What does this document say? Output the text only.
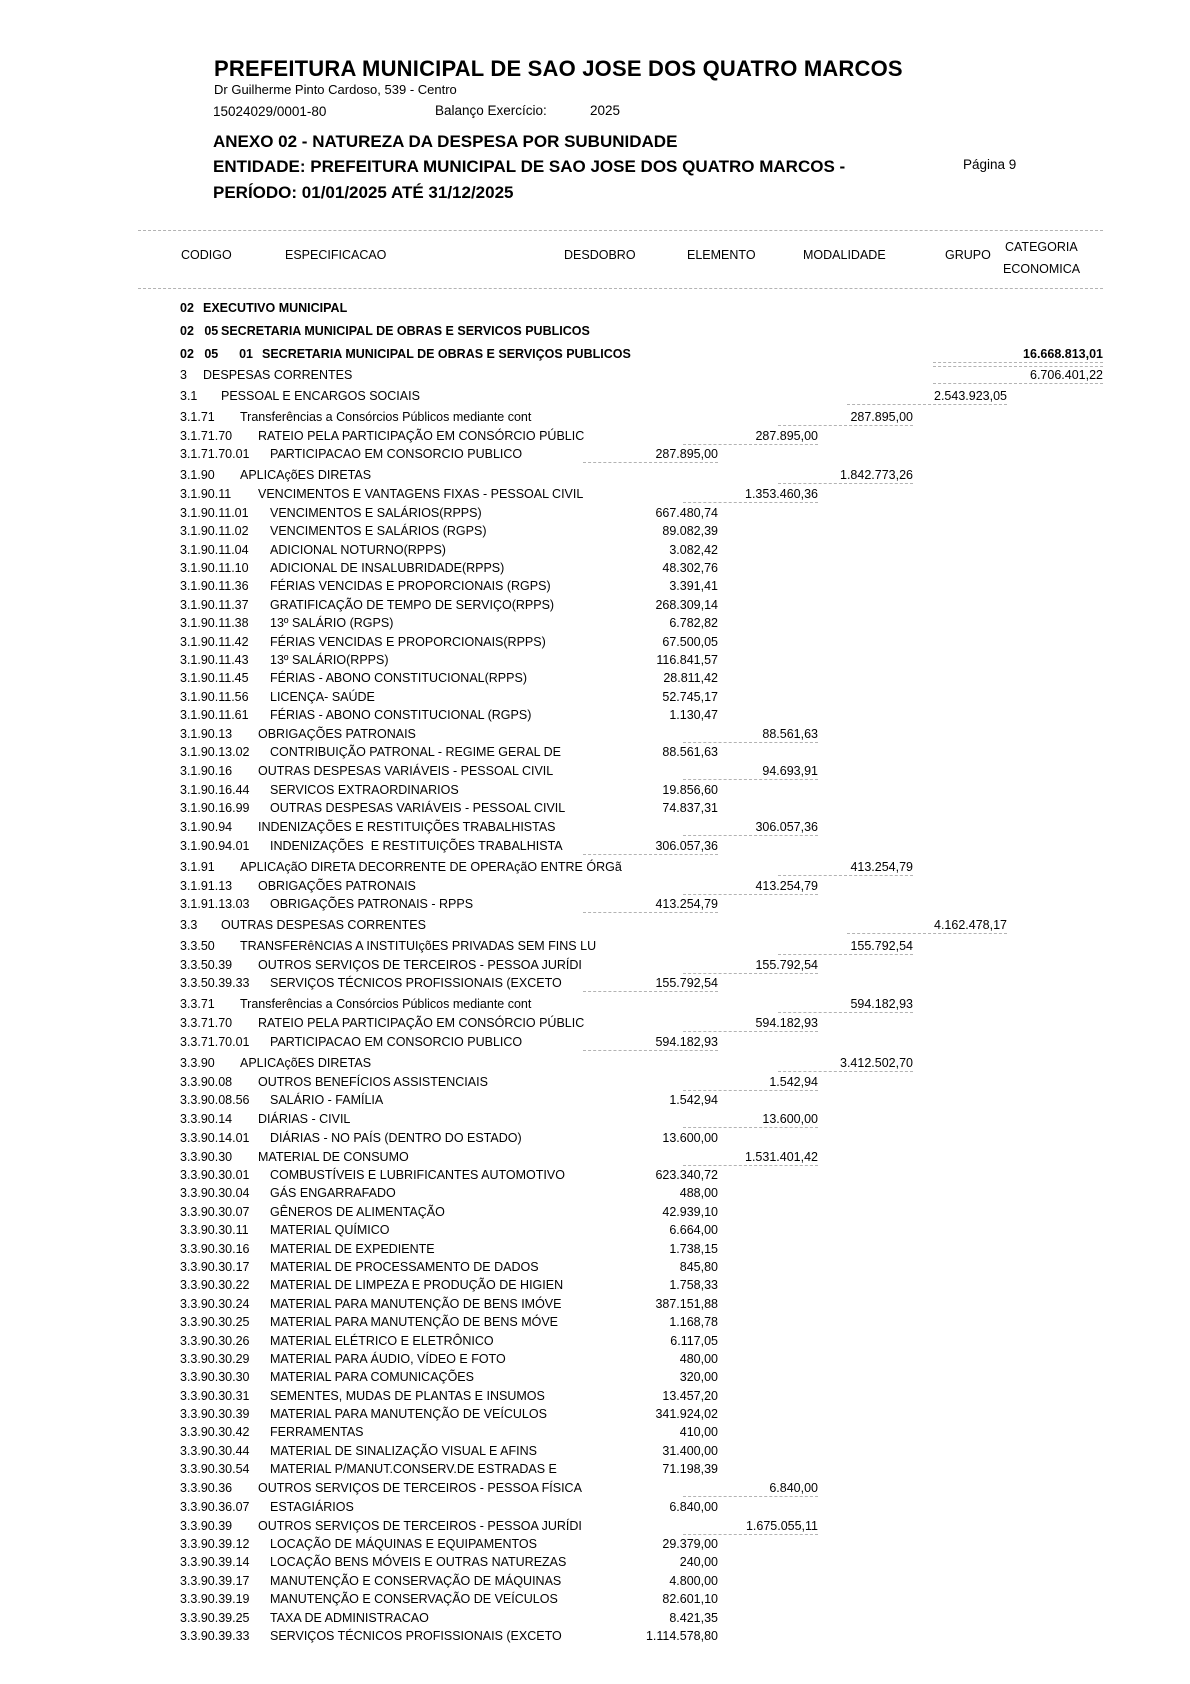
PREFEITURA MUNICIPAL DE SAO JOSE DOS QUATRO MARCOS
Dr Guilherme Pinto Cardoso, 539 - Centro
15024029/0001-80	Balanço Exercício:	2025
ANEXO 02 - NATUREZA DA DESPESA POR SUBUNIDADE
ENTIDADE: PREFEITURA MUNICIPAL DE SAO JOSE DOS QUATRO MARCOS -
PERÍODO: 01/01/2025 ATÉ 31/12/2025
Página 9
CODIGO	ESPECIFICACAO	DESDOBRO	ELEMENTO	MODALIDADE	GRUPO
CATEGORIA
ECONOMICA
02 EXECUTIVO MUNICIPAL
02   05 SECRETARIA MUNICIPAL DE OBRAS E SERVICOS PUBLICOS
02   05      01 SECRETARIA MUNICIPAL DE OBRAS E SERVIÇOS PUBLICOS	16.668.813,01
3 DESPESAS CORRENTES	6.706.401,22
3.1 PESSOAL E ENCARGOS SOCIAIS	2.543.923,05
3.1.71 Transferências a Consórcios Públicos mediante cont	287.895,00
3.1.71.70 RATEIO PELA PARTICIPAÇÃO EM CONSÓRCIO PÚBLIC	287.895,00
3.1.71.70.01 PARTICIPACAO EM CONSORCIO PUBLICO	287.895,00
3.1.90 APLICAçõES DIRETAS	1.842.773,26
3.1.90.11 VENCIMENTOS E VANTAGENS FIXAS - PESSOAL CIVIL	1.353.460,36
3.1.90.11.01 VENCIMENTOS E SALÁRIOS(RPPS)	667.480,74
3.1.90.11.02 VENCIMENTOS E SALÁRIOS (RGPS)	89.082,39
3.1.90.11.04 ADICIONAL NOTURNO(RPPS)	3.082,42
3.1.90.11.10 ADICIONAL DE INSALUBRIDADE(RPPS)	48.302,76
3.1.90.11.36 FÉRIAS VENCIDAS E PROPORCIONAIS (RGPS)	3.391,41
3.1.90.11.37 GRATIFICAÇÃO DE TEMPO DE SERVIÇO(RPPS)	268.309,14
3.1.90.11.38 13º SALÁRIO (RGPS)	6.782,82
3.1.90.11.42 FÉRIAS VENCIDAS E PROPORCIONAIS(RPPS)	67.500,05
3.1.90.11.43 13º SALÁRIO(RPPS)	116.841,57
3.1.90.11.45 FÉRIAS - ABONO CONSTITUCIONAL(RPPS)	28.811,42
3.1.90.11.56 LICENÇA- SAÚDE	52.745,17
3.1.90.11.61 FÉRIAS - ABONO CONSTITUCIONAL (RGPS)	1.130,47
3.1.90.13 OBRIGAÇÕES PATRONAIS	88.561,63
3.1.90.13.02 CONTRIBUIÇÃO PATRONAL - REGIME GERAL DE	88.561,63
3.1.90.16 OUTRAS DESPESAS VARIÁVEIS - PESSOAL CIVIL	94.693,91
3.1.90.16.44 SERVICOS EXTRAORDINARIOS	19.856,60
3.1.90.16.99 OUTRAS DESPESAS VARIÁVEIS - PESSOAL CIVIL	74.837,31
3.1.90.94 INDENIZAÇÕES E RESTITUIÇÕES TRABALHISTAS	306.057,36
3.1.90.94.01 INDENIZAÇÕES  E RESTITUIÇÕES TRABALHISTA	306.057,36
3.1.91 APLICAçãO DIRETA DECORRENTE DE OPERAçãO ENTRE ÓRGã	413.254,79
3.1.91.13 OBRIGAÇÕES PATRONAIS	413.254,79
3.1.91.13.03 OBRIGAÇÕES PATRONAIS - RPPS	413.254,79
3.3 OUTRAS DESPESAS CORRENTES	4.162.478,17
3.3.50 TRANSFERêNCIAS A INSTITUIçõES PRIVADAS SEM FINS LU	155.792,54
3.3.50.39 OUTROS SERVIÇOS DE TERCEIROS - PESSOA JURÍDI	155.792,54
3.3.50.39.33 SERVIÇOS TÉCNICOS PROFISSIONAIS (EXCETO	155.792,54
3.3.71 Transferências a Consórcios Públicos mediante cont	594.182,93
3.3.71.70 RATEIO PELA PARTICIPAÇÃO EM CONSÓRCIO PÚBLIC	594.182,93
3.3.71.70.01 PARTICIPACAO EM CONSORCIO PUBLICO	594.182,93
3.3.90 APLICAçõES DIRETAS	3.412.502,70
3.3.90.08 OUTROS BENEFÍCIOS ASSISTENCIAIS	1.542,94
3.3.90.08.56 SALÁRIO - FAMÍLIA	1.542,94
3.3.90.14 DIÁRIAS - CIVIL	13.600,00
3.3.90.14.01 DIÁRIAS - NO PAÍS (DENTRO DO ESTADO)	13.600,00
3.3.90.30 MATERIAL DE CONSUMO	1.531.401,42
3.3.90.30.01 COMBUSTÍVEIS E LUBRIFICANTES AUTOMOTIVO	623.340,72
3.3.90.30.04 GÁS ENGARRAFADO	488,00
3.3.90.30.07 GÊNEROS DE ALIMENTAÇÃO	42.939,10
3.3.90.30.11 MATERIAL QUÍMICO	6.664,00
3.3.90.30.16 MATERIAL DE EXPEDIENTE	1.738,15
3.3.90.30.17 MATERIAL DE PROCESSAMENTO DE DADOS	845,80
3.3.90.30.22 MATERIAL DE LIMPEZA E PRODUÇÃO DE HIGIEN	1.758,33
3.3.90.30.24 MATERIAL PARA MANUTENÇÃO DE BENS IMÓVE	387.151,88
3.3.90.30.25 MATERIAL PARA MANUTENÇÃO DE BENS MÓVE	1.168,78
3.3.90.30.26 MATERIAL ELÉTRICO E ELETRÔNICO	6.117,05
3.3.90.30.29 MATERIAL PARA ÁUDIO, VÍDEO E FOTO	480,00
3.3.90.30.30 MATERIAL PARA COMUNICAÇÕES	320,00
3.3.90.30.31 SEMENTES, MUDAS DE PLANTAS E INSUMOS	13.457,20
3.3.90.30.39 MATERIAL PARA MANUTENÇÃO DE VEÍCULOS	341.924,02
3.3.90.30.42 FERRAMENTAS	410,00
3.3.90.30.44 MATERIAL DE SINALIZAÇÃO VISUAL E AFINS	31.400,00
3.3.90.30.54 MATERIAL P/MANUT.CONSERV.DE ESTRADAS E	71.198,39
3.3.90.36 OUTROS SERVIÇOS DE TERCEIROS - PESSOA FÍSICA	6.840,00
3.3.90.36.07 ESTAGIÁRIOS	6.840,00
3.3.90.39 OUTROS SERVIÇOS DE TERCEIROS - PESSOA JURÍDI	1.675.055,11
3.3.90.39.12 LOCAÇÃO DE MÁQUINAS E EQUIPAMENTOS	29.379,00
3.3.90.39.14 LOCAÇÃO BENS MÓVEIS E OUTRAS NATUREZAS	240,00
3.3.90.39.17 MANUTENÇÃO E CONSERVAÇÃO DE MÁQUINAS	4.800,00
3.3.90.39.19 MANUTENÇÃO E CONSERVAÇÃO DE VEÍCULOS	82.601,10
3.3.90.39.25 TAXA DE ADMINISTRACAO	8.421,35
3.3.90.39.33 SERVIÇOS TÉCNICOS PROFISSIONAIS (EXCETO	1.114.578,80
